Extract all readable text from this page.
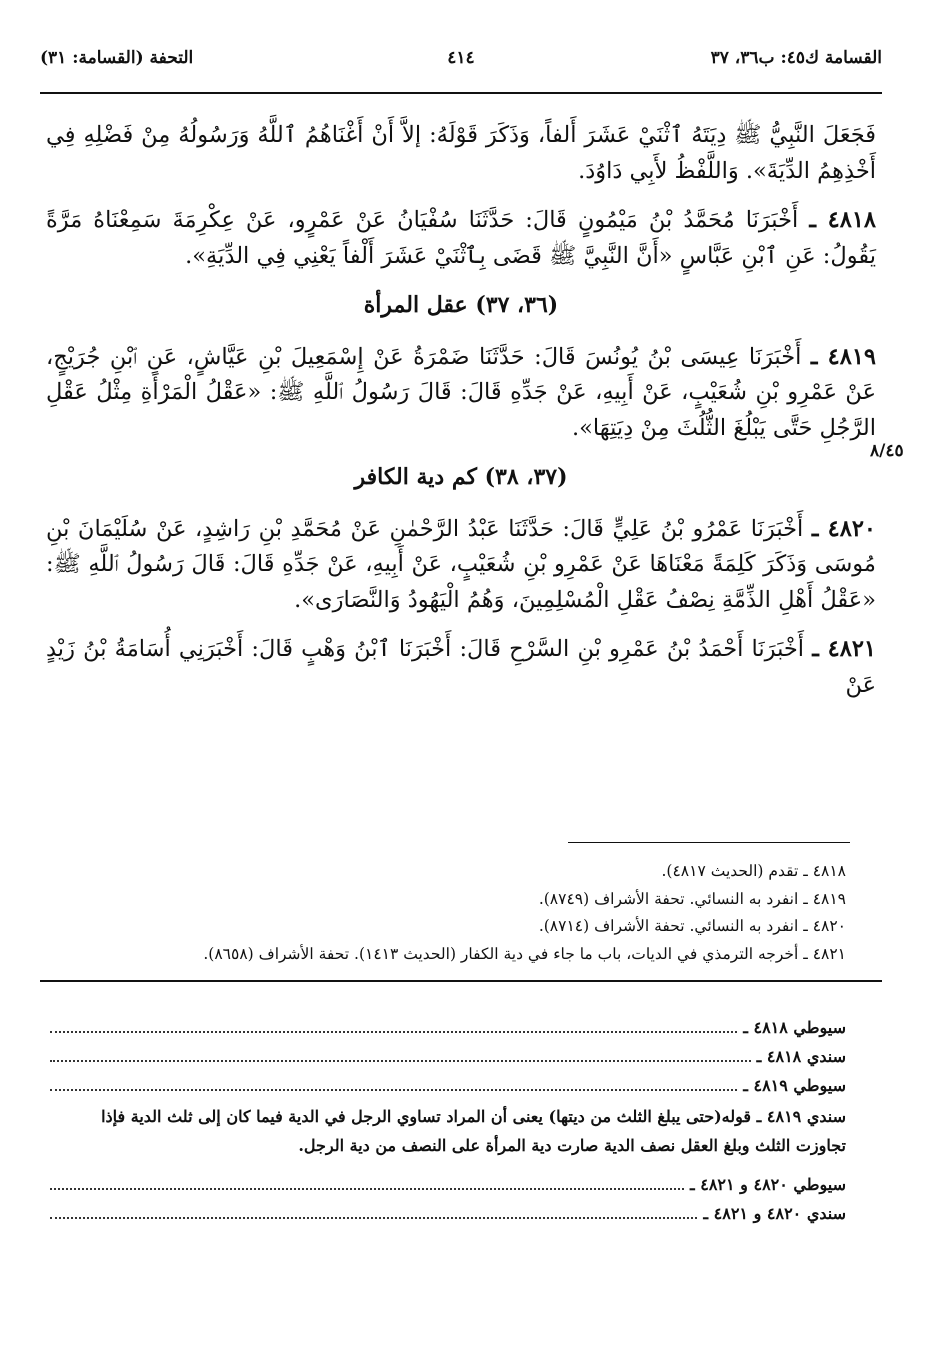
القسامة ك٤٥: ب٣٦، ٣٧
٤١٤
التحفة (القسامة: ٣١)

فَجَعَلَ النَّبِيُّ ﷺ دِيَتَهُ ٱثْنَيْ عَشَرَ أَلفاً، وَذَكَرَ قَوْلَهُ: إلاَّ أَنْ أَغْنَاهُمُ ٱللَّهُ وَرَسُولُهُ مِنْ فَضْلِهِ فِي أَخْذِهِمُ الدِّيَةَ». وَاللَّفْظُ لأَبِي دَاوُدَ.

٤٨١٨ ـ أَخْبَرَنَا مُحَمَّدُ بْنُ مَيْمُونٍ قَالَ: حَدَّثَنَا سُفْيَانُ عَنْ عَمْرٍو، عَنْ عِكْرِمَةَ سَمِعْنَاهُ مَرَّةً يَقُولُ: عَنِ ٱبْنِ عَبَّاسٍ «أَنَّ النَّبِيَّ ﷺ قَضَى بِٱثْنَيْ عَشَرَ أَلْفاً يَعْنِي فِي الدِّيَةِ».

(٣٦، ٣٧) عقل المرأة

٤٨١٩ ـ أَخْبَرَنَا عِيسَى بْنُ يُونُسَ قَالَ: حَدَّثَنَا ضَمْرَةُ عَنْ إِسْمَعِيلَ بْنِ عَيَّاشٍ، عَنِ ٱبْنِ جُرَيْجٍ، عَنْ عَمْرِو بْنِ شُعَيْبٍ، عَنْ أَبِيهِ، عَنْ جَدِّهِ قَالَ: قَالَ رَسُولُ ٱللَّهِ ﷺ: «عَقْلُ الْمَرْأَةِ مِثْلُ عَقْلِ الرَّجُلِ حَتَّى يَبْلُغَ الثُّلُثَ مِنْ دِيَتِهَا».

(٣٧، ٣٨) كم دية الكافر

٤٨٢٠ ـ أَخْبَرَنَا عَمْرُو بْنُ عَلِيٍّ قَالَ: حَدَّثَنَا عَبْدُ الرَّحْمٰنِ عَنْ مُحَمَّدِ بْنِ رَاشِدٍ، عَنْ سُلَيْمَانَ بْنِ مُوسَى وَذَكَرَ كَلِمَةً مَعْنَاهَا عَنْ عَمْرِو بْنِ شُعَيْبٍ، عَنْ أَبِيهِ، عَنْ جَدِّهِ قَالَ: قَالَ رَسُولُ ٱللَّهِ ﷺ: «عَقْلُ أَهْلِ الذِّمَّةِ نِصْفُ عَقْلِ الْمُسْلِمِينَ، وَهُمُ الْيَهُودُ وَالنَّصَارَى».

٤٨٢١ ـ أَخْبَرَنَا أَحْمَدُ بْنُ عَمْرِو بْنِ السَّرْحِ قَالَ: أَخْبَرَنَا ٱبْنُ وَهْبٍ قَالَ: أَخْبَرَنِي أُسَامَةُ بْنُ زَيْدٍ عَنْ

٨/٤٥
٤٨١٨ ـ تقدم (الحديث ٤٨١٧).
٤٨١٩ ـ انفرد به النسائي. تحفة الأشراف (٨٧٤٩).
٤٨٢٠ ـ انفرد به النسائي. تحفة الأشراف (٨٧١٤).
٤٨٢١ ـ أخرجه الترمذي في الديات، باب ما جاء في دية الكفار (الحديث ١٤١٣). تحفة الأشراف (٨٦٥٨).
سيوطي ٤٨١٨ ـ
سندي ٤٨١٨ ـ
سيوطي ٤٨١٩ ـ
سندي ٤٨١٩ ـ قوله(حتى يبلغ الثلث من ديتها) يعنى أن المراد تساوي الرجل في الدية فيما كان إلى ثلث الدية فإذا تجاوزت الثلث وبلغ العقل نصف الدية صارت دية المرأة على النصف من دية الرجل.
سيوطي ٤٨٢٠ و ٤٨٢١ ـ
سندي ٤٨٢٠ و ٤٨٢١ ـ
